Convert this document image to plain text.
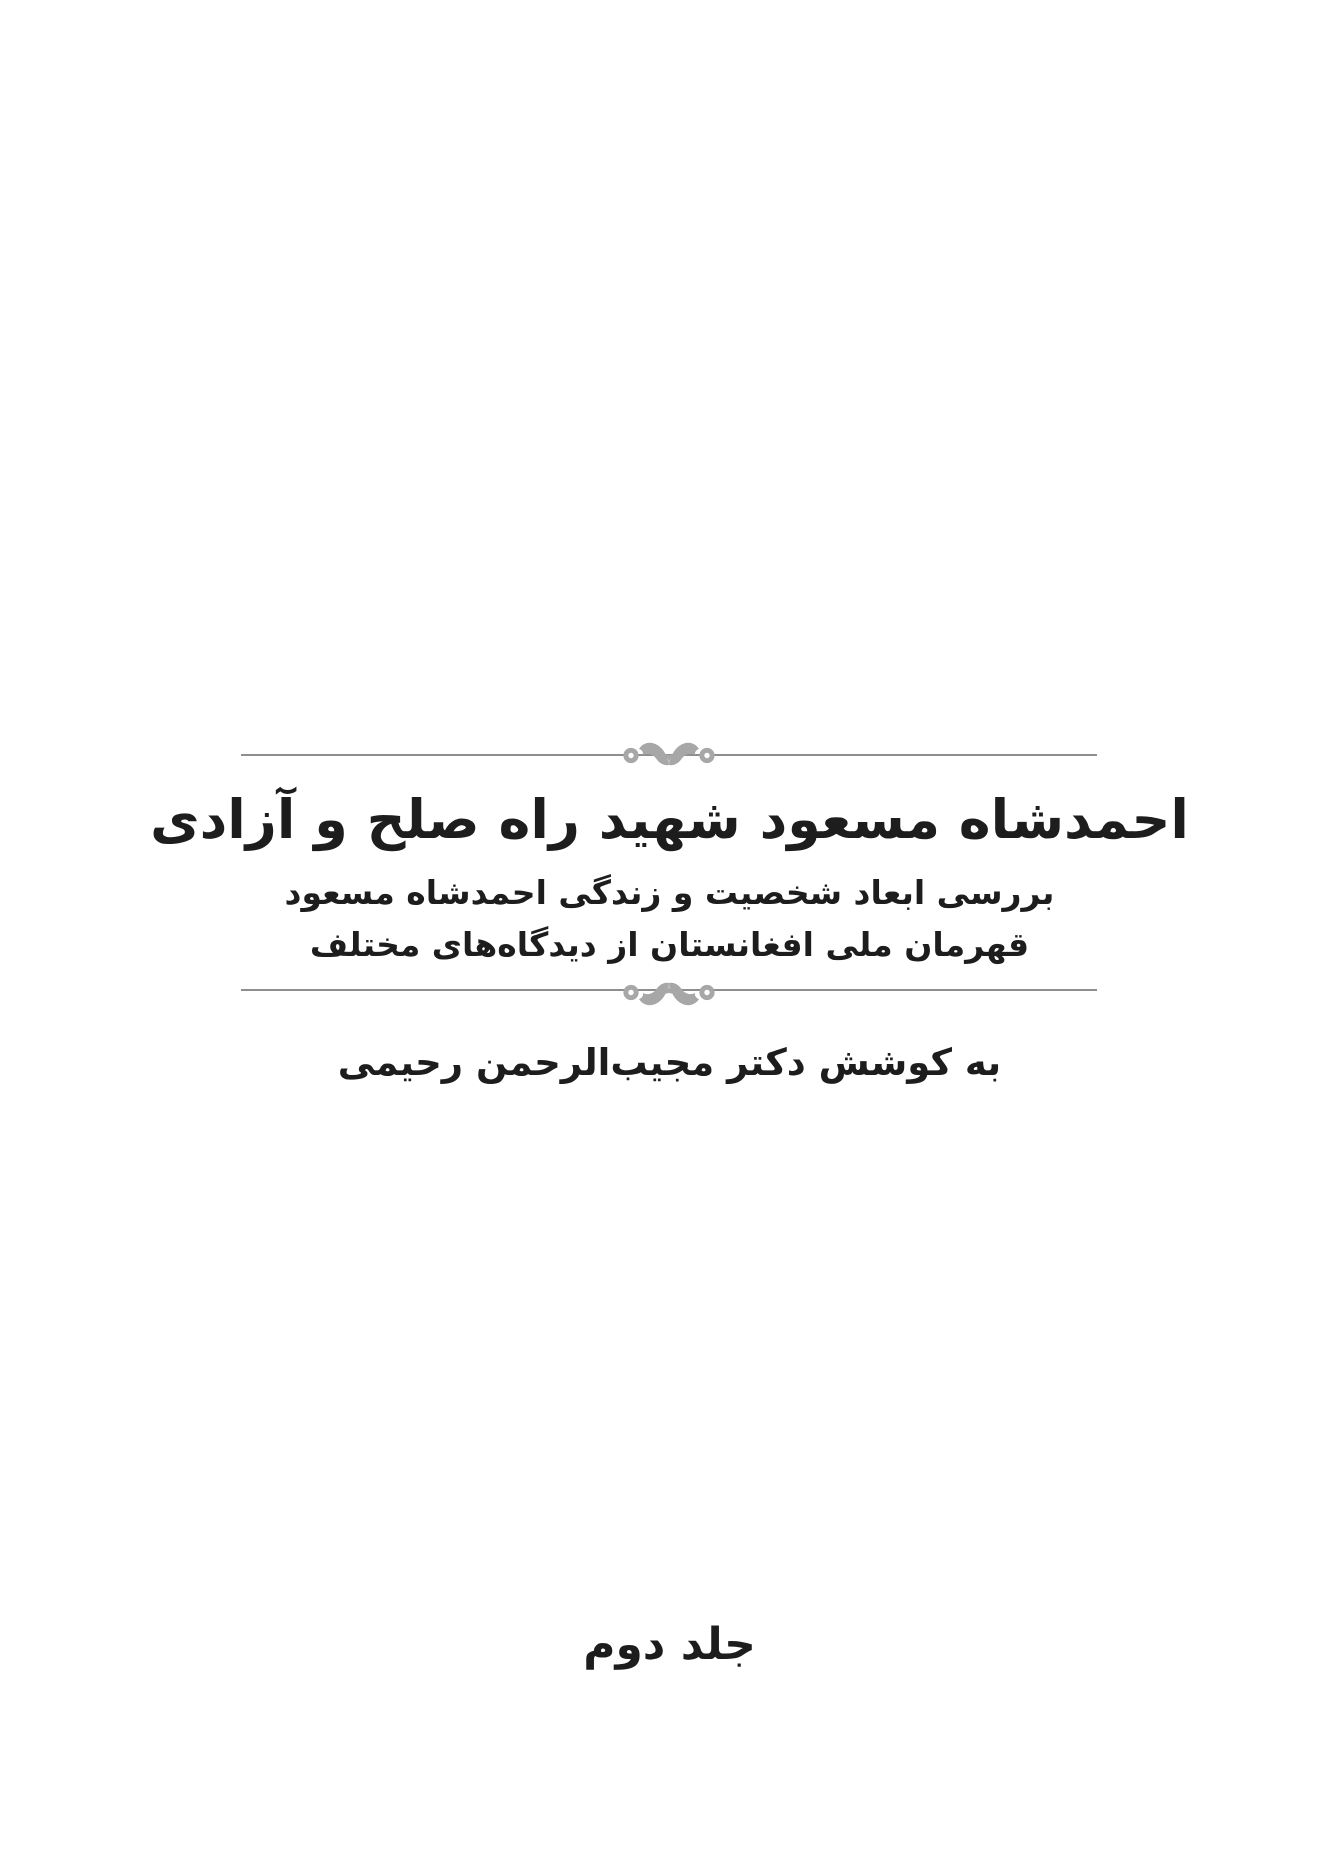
احمدشاه مسعود شهید راه صلح و آزادی
بررسی ابعاد شخصیت و زندگی احمدشاه مسعود
قهرمان ملی افغانستان از دیدگاه‌های مختلف
به کوشش دکتر مجیب‌الرحمن رحیمی
جلد دوم
